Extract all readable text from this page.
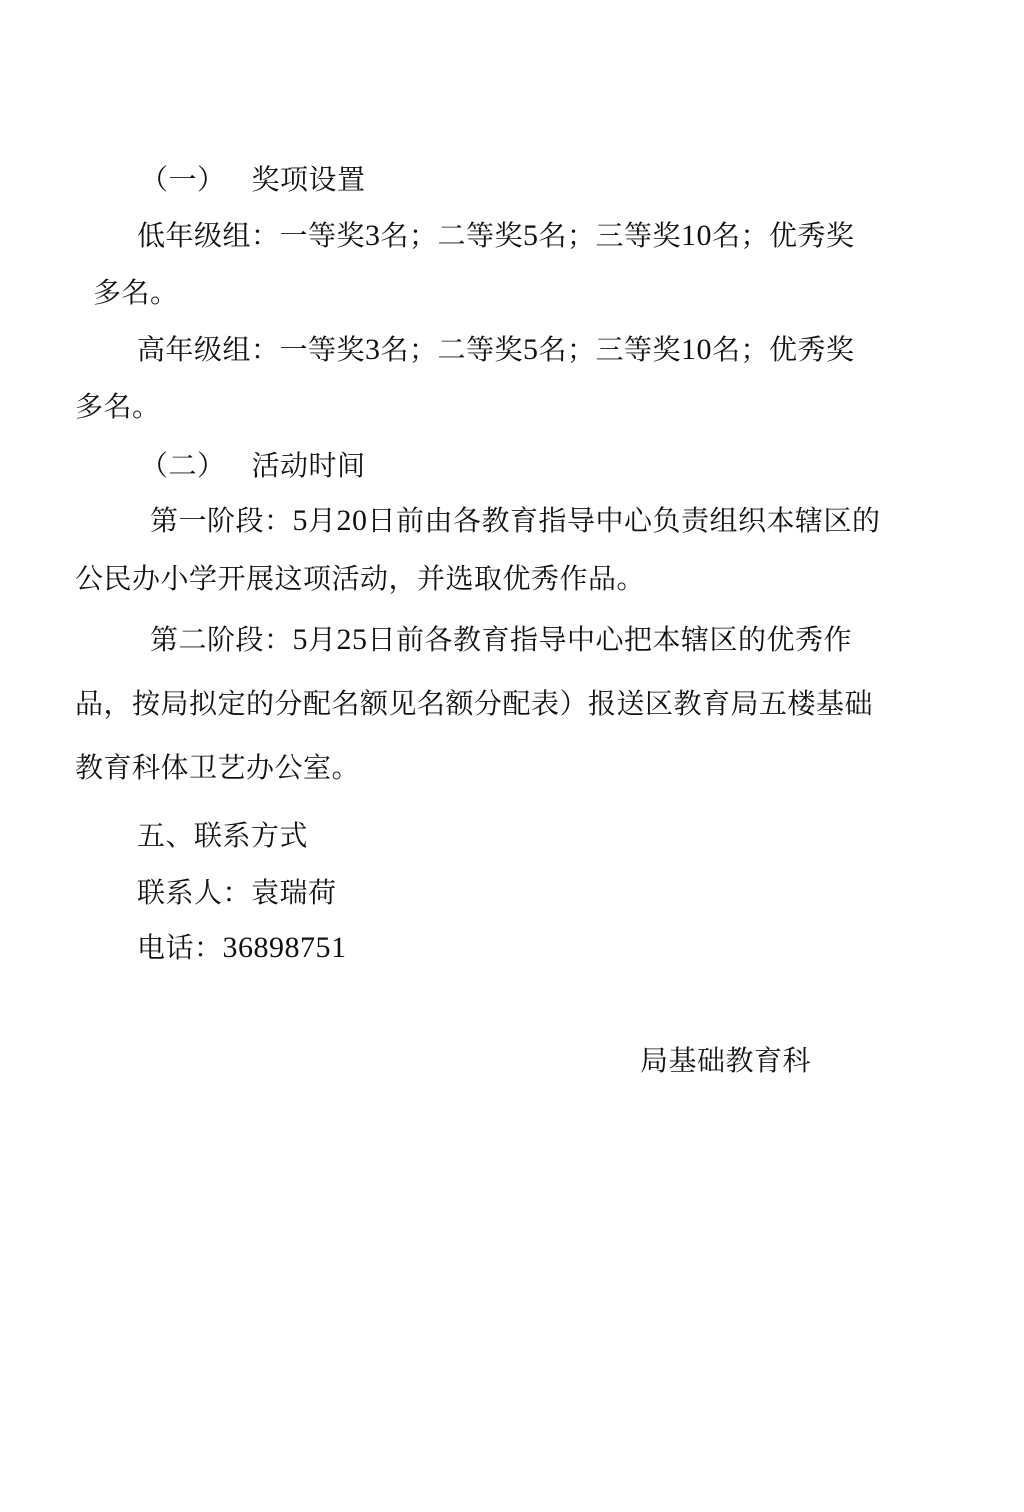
（一） 奖项设置
低年级组：一等奖3名；二等奖5名；三等奖10名；优秀奖
多名。
高年级组：一等奖3名；二等奖5名；三等奖10名；优秀奖
多名。
（二） 活动时间
第一阶段：5月20日前由各教育指导中心负责组织本辖区的
公民办小学开展这项活动，并选取优秀作品。
第二阶段：5月25日前各教育指导中心把本辖区的优秀作
品，按局拟定的分配名额见名额分配表）报送区教育局五楼基础
教育科体卫艺办公室。
五、联系方式
联系人：袁瑞荷
电话：36898751
局基础教育科
